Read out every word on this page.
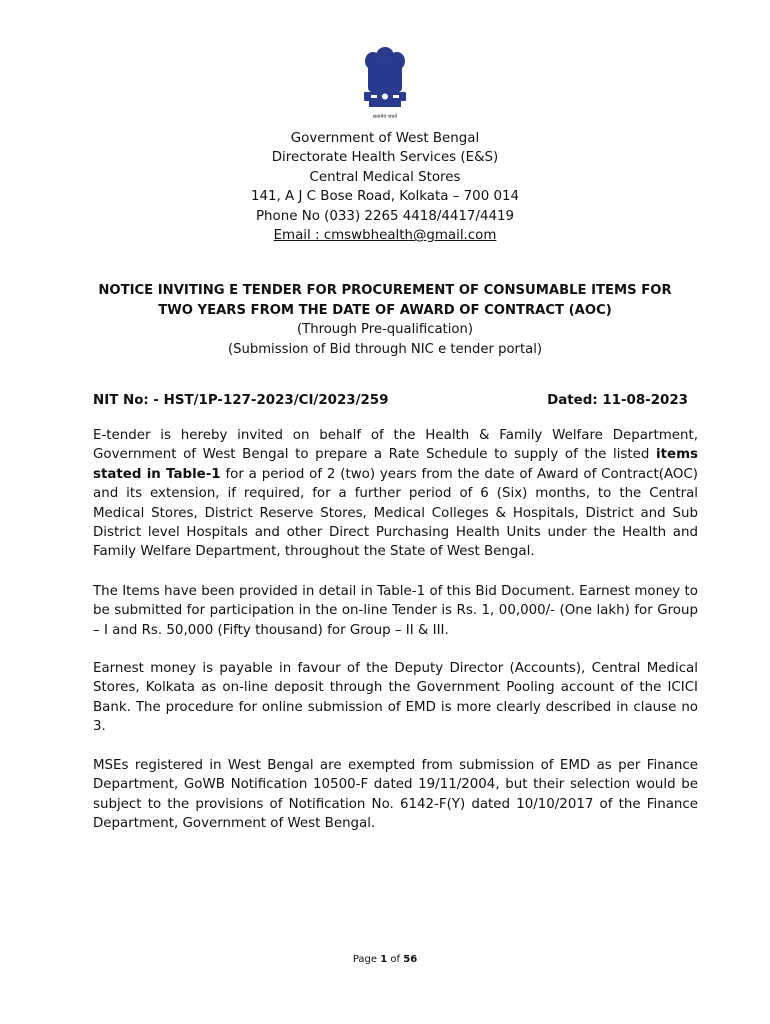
सत्यमेव जयते
Government of West Bengal
Directorate Health Services (E&S)
Central Medical Stores
141, A J C Bose Road, Kolkata – 700 014
Phone No (033) 2265 4418/4417/4419
Email : cmswbhealth@gmail.com
NOTICE INVITING E TENDER FOR PROCUREMENT OF CONSUMABLE ITEMS FOR
TWO YEARS FROM THE DATE OF AWARD OF CONTRACT (AOC)
(Through Pre-qualification)
(Submission of Bid through NIC e tender portal)
NIT No: - HST/1P-127-2023/CI/2023/259	Dated: 11-08-2023
E-tender is hereby invited on behalf of the Health & Family Welfare Department, Government of West Bengal to prepare a Rate Schedule to supply of the listed items stated in Table-1 for a period of 2 (two) years from the date of Award of Contract(AOC) and its extension, if required, for a further period of 6 (Six) months, to the Central Medical Stores, District Reserve Stores, Medical Colleges & Hospitals, District and Sub District level Hospitals and other Direct Purchasing Health Units under the Health and Family Welfare Department, throughout the State of West Bengal.
The Items have been provided in detail in Table-1 of this Bid Document. Earnest money to be submitted for participation in the on-line Tender is Rs. 1, 00,000/- (One lakh) for Group – I and Rs. 50,000 (Fifty thousand) for Group – II & III.
Earnest money is payable in favour of the Deputy Director (Accounts), Central Medical Stores, Kolkata as on-line deposit through the Government Pooling account of the ICICI Bank. The procedure for online submission of EMD is more clearly described in clause no 3.
MSEs registered in West Bengal are exempted from submission of EMD as per Finance Department, GoWB Notification 10500-F dated 19/11/2004, but their selection would be subject to the provisions of Notification No. 6142-F(Y) dated 10/10/2017 of the Finance Department, Government of West Bengal.
Page 1 of 56
